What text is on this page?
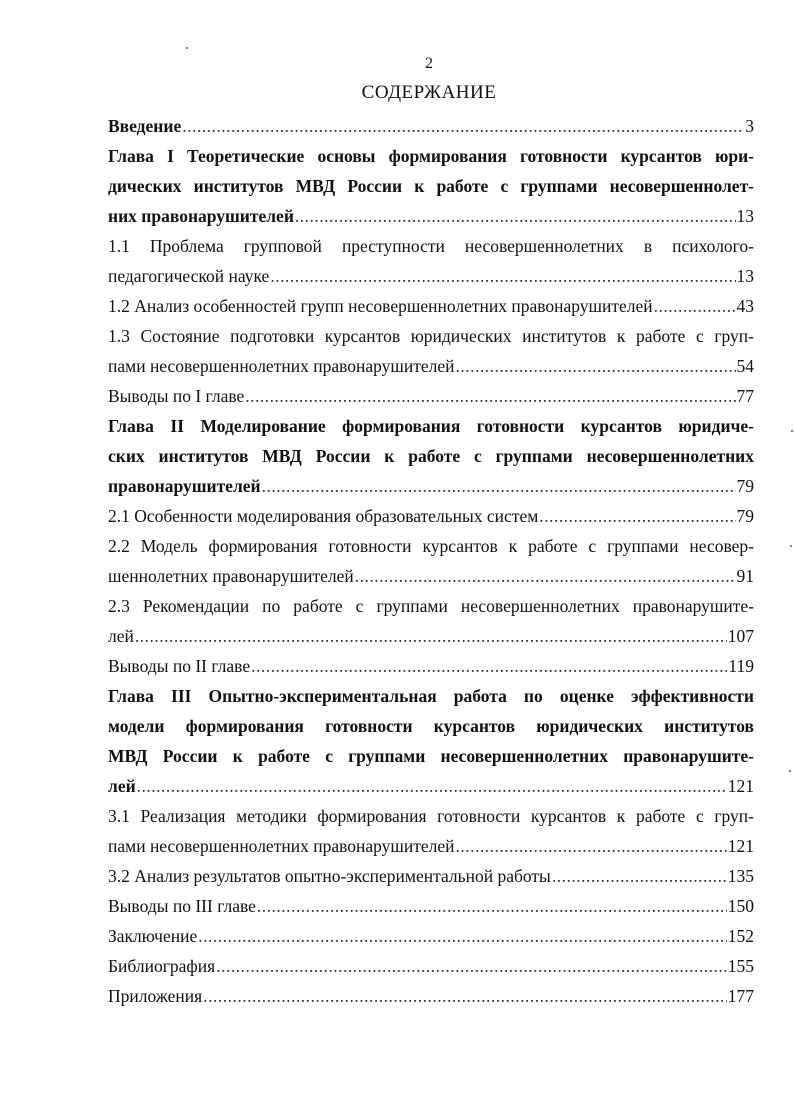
2
СОДЕРЖАНИЕ
Введение .....	3
Глава I Теоретические основы формирования готовности курсантов юри-
дических институтов МВД России к работе с группами несовершеннолет-
них правонарушителей .....	13
1.1 Проблема групповой преступности несовершеннолетних в психолого-
педагогической науке .....	13
1.2 Анализ особенностей групп несовершеннолетних правонарушителей .....	43
1.3 Состояние подготовки курсантов юридических институтов к работе с груп-
пами несовершеннолетних правонарушителей .....	54
Выводы по I главе .....	77
Глава II Моделирование формирования готовности курсантов юридиче-
ских институтов МВД России к работе с группами несовершеннолетних
правонарушителей .....	79
2.1 Особенности моделирования образовательных систем .....	79
2.2 Модель формирования готовности курсантов к работе с группами несовер-
шеннолетних правонарушителей .....	91
2.3 Рекомендации по работе с группами несовершеннолетних правонарушите-
лей .....	107
Выводы по II главе .....	119
Глава III Опытно-экспериментальная работа по оценке эффективности
модели формирования готовности курсантов юридических институтов
МВД России к работе с группами несовершеннолетних правонарушите-
лей .....	121
3.1 Реализация методики формирования готовности курсантов к работе с груп-
пами несовершеннолетних правонарушителей .....	121
3.2 Анализ результатов опытно-экспериментальной работы .....	135
Выводы по III главе .....	150
Заключение .....	152
Библиография .....	155
Приложения .....	177
